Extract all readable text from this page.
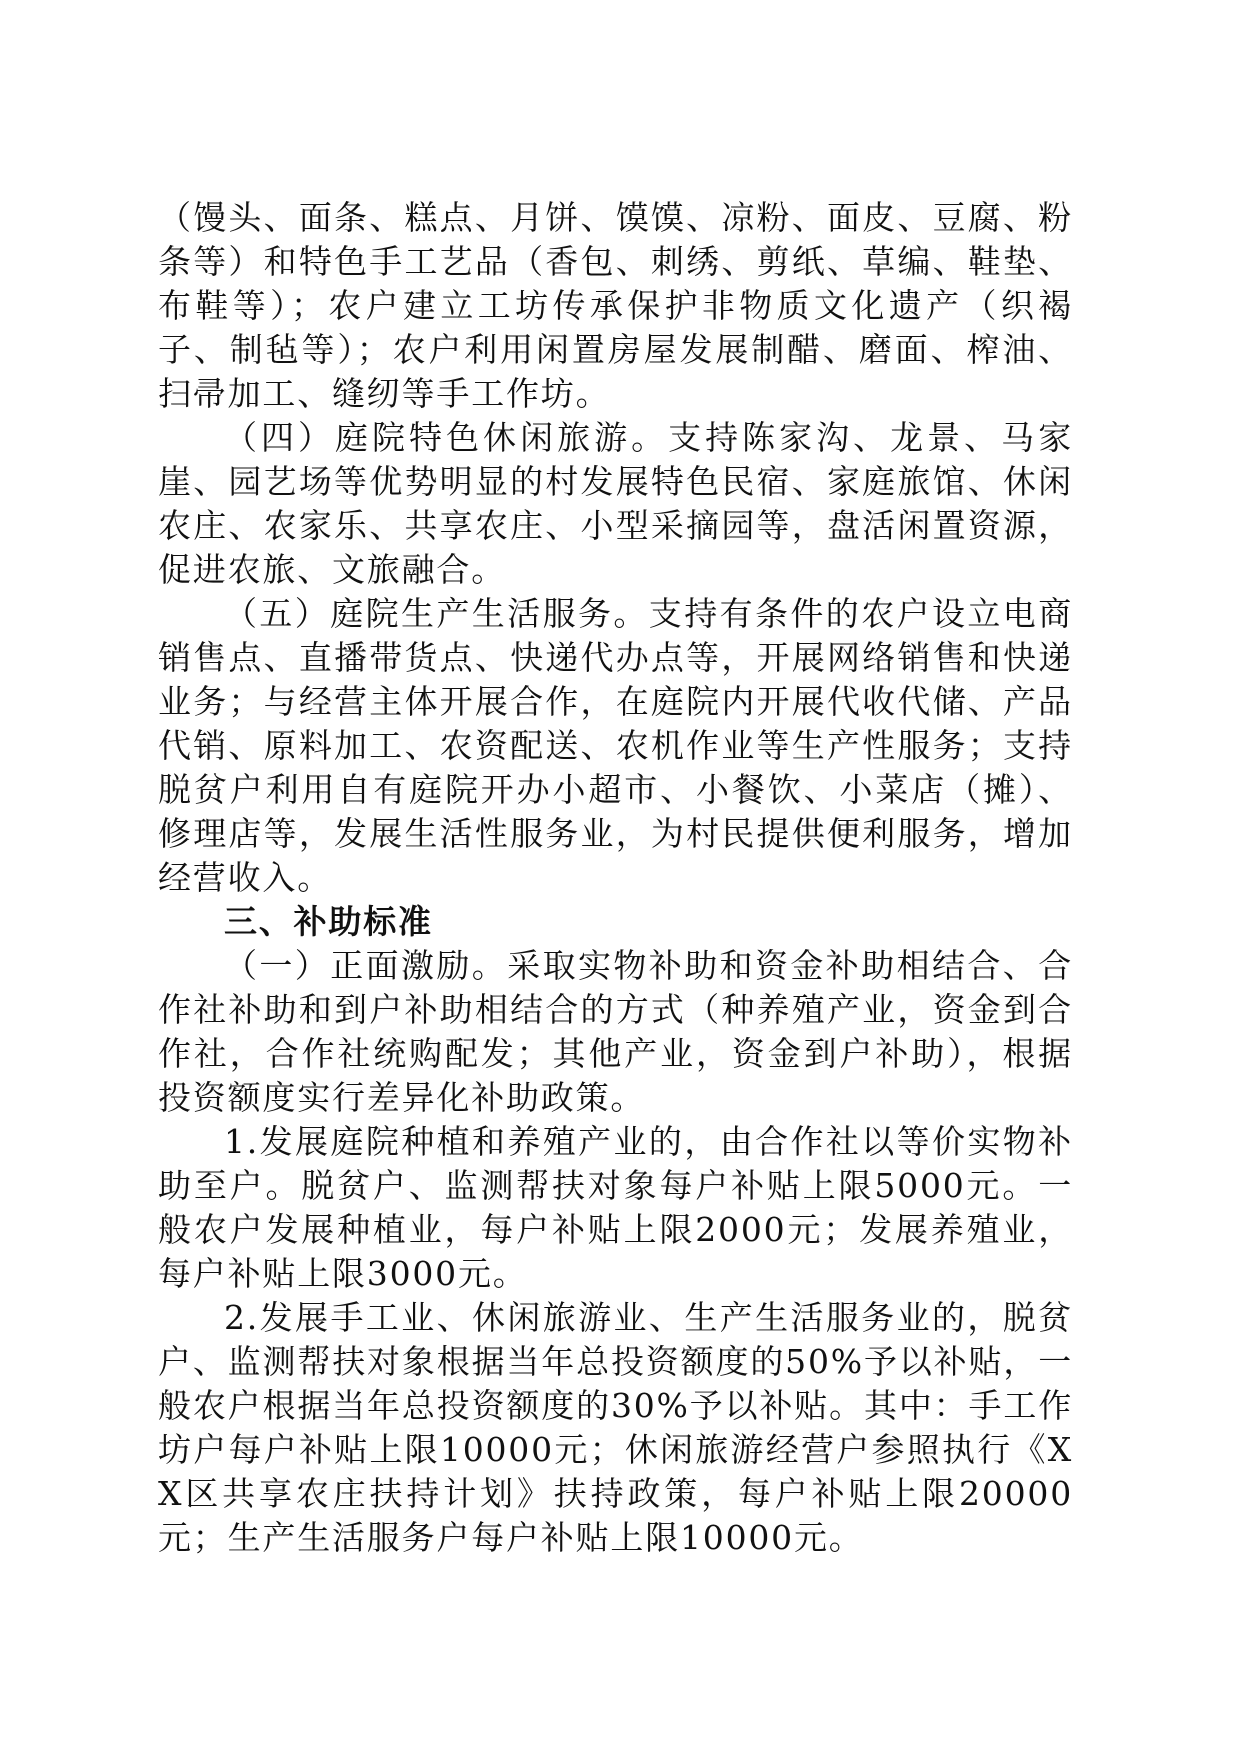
（馒头、面条、糕点、月饼、馍馍、凉粉、面皮、豆腐、粉条等）和特色手工艺品（香包、刺绣、剪纸、草编、鞋垫、布鞋等）；农户建立工坊传承保护非物质文化遗产（织褐子、制毡等）；农户利用闲置房屋发展制醋、磨面、榨油、扫帚加工、缝纫等手工作坊。

（四）庭院特色休闲旅游。支持陈家沟、龙景、马家崖、园艺场等优势明显的村发展特色民宿、家庭旅馆、休闲农庄、农家乐、共享农庄、小型采摘园等，盘活闲置资源，促进农旅、文旅融合。

（五）庭院生产生活服务。支持有条件的农户设立电商销售点、直播带货点、快递代办点等，开展网络销售和快递业务；与经营主体开展合作，在庭院内开展代收代储、产品代销、原料加工、农资配送、农机作业等生产性服务；支持脱贫户利用自有庭院开办小超市、小餐饮、小菜店（摊）、修理店等，发展生活性服务业，为村民提供便利服务，增加经营收入。

三、补助标准

（一）正面激励。采取实物补助和资金补助相结合、合作社补助和到户补助相结合的方式（种养殖产业，资金到合作社，合作社统购配发；其他产业，资金到户补助），根据投资额度实行差异化补助政策。

1.发展庭院种植和养殖产业的，由合作社以等价实物补助至户。脱贫户、监测帮扶对象每户补贴上限5000元。一般农户发展种植业，每户补贴上限2000元；发展养殖业，每户补贴上限3000元。

2.发展手工业、休闲旅游业、生产生活服务业的，脱贫户、监测帮扶对象根据当年总投资额度的50%予以补贴，一般农户根据当年总投资额度的30%予以补贴。其中：手工作坊户每户补贴上限10000元；休闲旅游经营户参照执行《XX区共享农庄扶持计划》扶持政策，每户补贴上限20000元；生产生活服务户每户补贴上限10000元。
